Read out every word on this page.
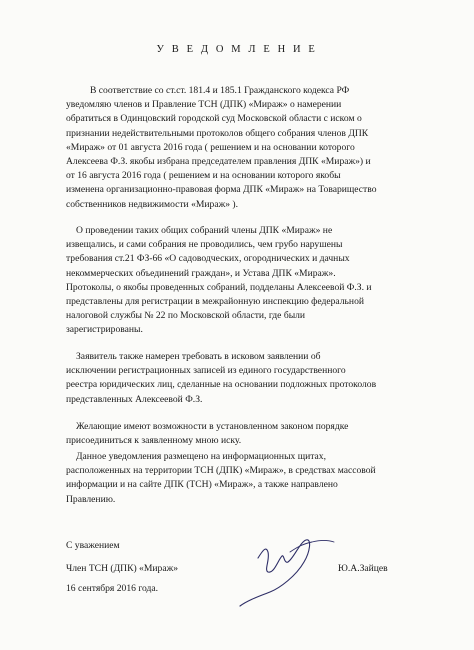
У В Е Д О М Л Е Н И Е
В соответствие со ст.ст. 181.4 и 185.1 Гражданского кодекса РФ
уведомляю членов и Правление ТСН (ДПК) «Мираж» о намерении
обратиться в Одинцовский городской суд Московской области с иском о
признании недействительными протоколов общего собрания членов ДПК
«Мираж» от 01 августа 2016 года ( решением и на основании которого
Алексеева Ф.З. якобы избрана председателем правления ДПК «Мираж») и
от 16 августа 2016 года ( решением и на основании которого якобы
изменена организационно-правовая форма ДПК «Мираж» на Товарищество
собственников недвижимости «Мираж» ).
О проведении таких общих собраний члены ДПК «Мираж» не
извещались, и сами собрания не проводились, чем грубо нарушены
требования ст.21 ФЗ-66 «О садоводческих, огороднических и дачных
некоммерческих объединений граждан», и Устава ДПК «Мираж».
Протоколы, о якобы проведенных собраний, подделаны Алексеевой Ф.З. и
представлены для регистрации в межрайонную инспекцию федеральной
налоговой службы № 22 по Московской области, где были
зарегистрированы.
Заявитель также намерен требовать в исковом заявлении об
исключении регистрационных записей из единого государственного
реестра юридических лиц, сделанные на основании подложных протоколов
представленных Алексеевой Ф.З.
Желающие имеют возможности в установленном законом порядке
присоединиться к заявленному мною иску.
Данное уведомления размещено на информационных щитах,
расположенных на территории ТСН (ДПК) «Мираж», в средствах массовой
информации и на сайте ДПК (ТСН) «Мираж», а также направлено
Правлению.
С уважением
Член ТСН (ДПК) «Мираж»	Ю.А.Зайцев
16 сентября 2016 года.
